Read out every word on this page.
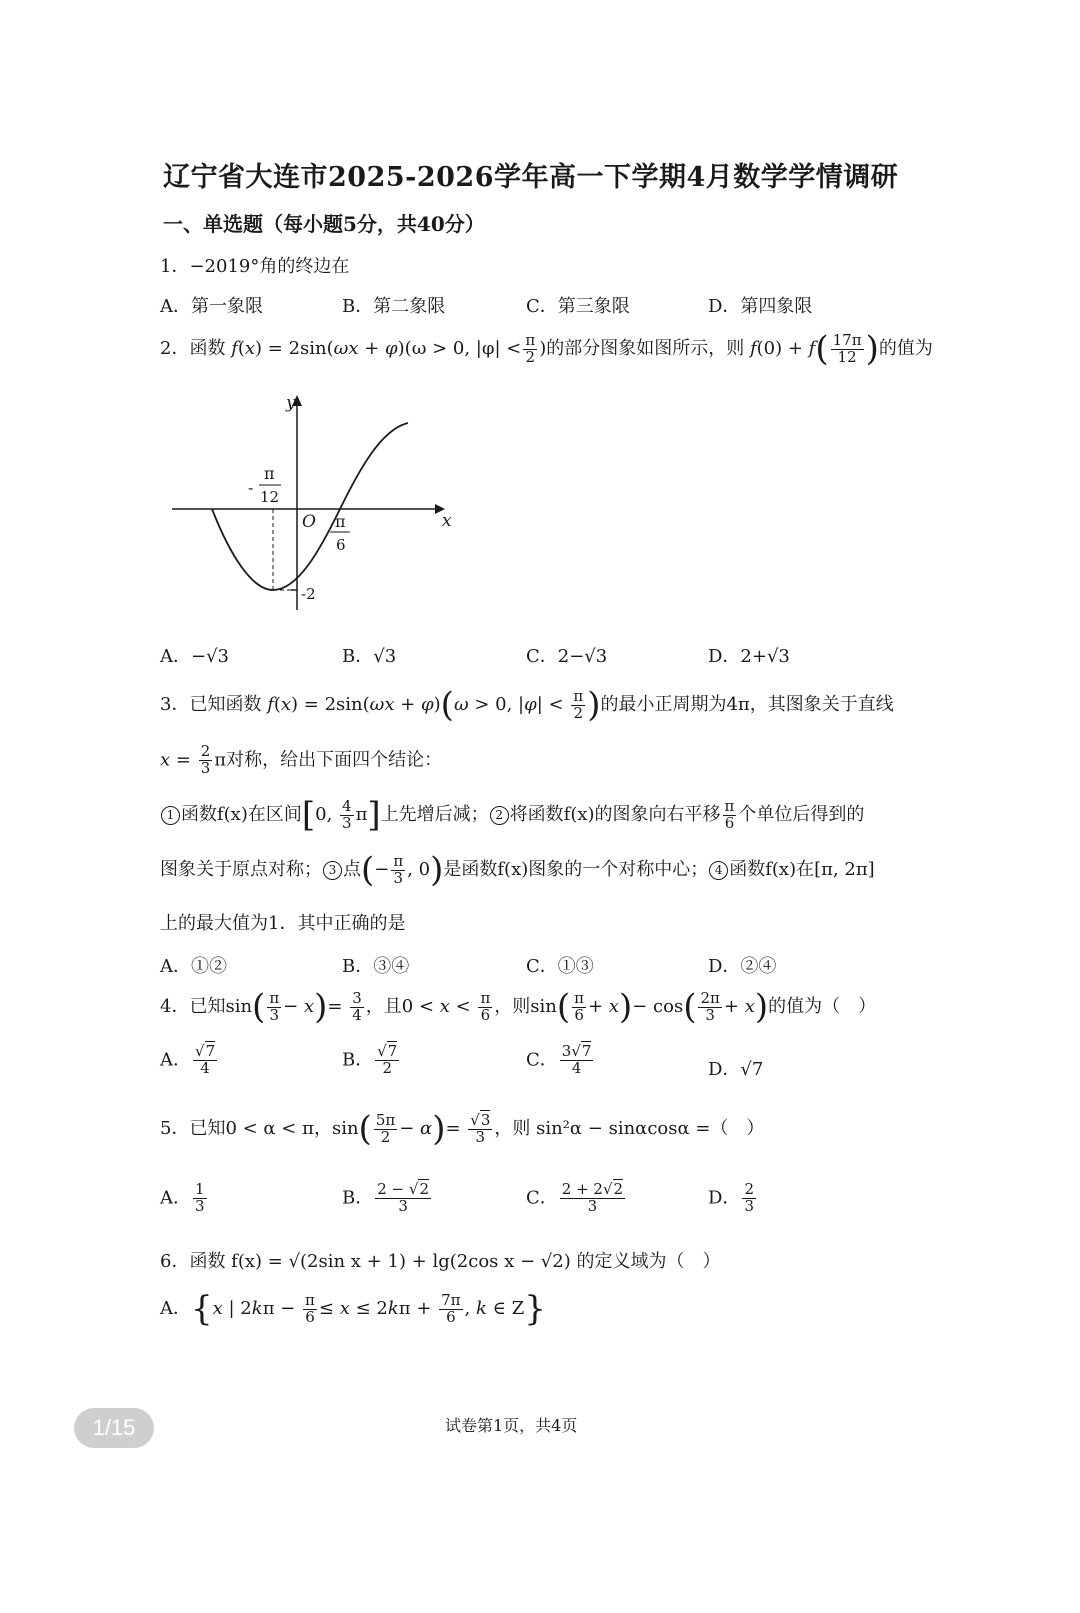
辽宁省大连市2025-2026学年高一下学期4月数学学情调研
一、单选题（每小题5分，共40分）
1．−2019°角的终边在
A．第一象限	B．第二象限	C．第三象限	D．第四象限
2．函数 f(x) = 2sin(ωx + φ)(ω > 0, $|\varphi| < \frac{\pi}{2}$ )的部分图象如图所示，则 $f(0) + f( \frac{17\pi}{12}$ )的值为
y
x
O
-
π
12
π
6
-2
A．−√3	B．√3	C．2−√3	D．2+√3
3．已知函数 f(x) = 2sin(ωx + φ)(ω > 0, $|\varphi| < \frac{\pi}{2}$ )的最小正周期为4π，其图象关于直线
$x = \frac{2}{3}$ π对称，给出下面四个结论：
1 函数f(x)在区间[0, $\frac{4}{3} \pi$]上先增后减； 2 将函数f(x)的图象向右平移 $\frac{\pi}{6}$ 个单位后得到的
图象关于原点对称； 3 点(− $\frac{\pi}{3}$ , 0)是函数f(x)图象的一个对称中心； 4 函数f(x)在[π, 2π]
上的最大值为1．其中正确的是
A．①②	B．③④	C．①③	D．②④
4．已知$\sin( \frac{\pi}{3} - x)= \frac{3}{4}$ ，且$0 < x < \frac{\pi}{6}$ ，则$\sin( \frac{\pi}{6} + x)- \cos( \frac{2\pi}{3} + x)$的值为（　）
A． $\frac{√7}{4}$	B． $\frac{√7}{2}$	C． $\frac{3√7}{4}$	D．√7
5．已知0 < α < π，$\sin( \frac{5\pi}{2} - \alpha)= \frac{√3}{3}$ ，则 sin²α − sinαcosα =（　）
A． $\frac{1}{3}$	B． $\frac{2 - √2}{3}$	C． $\frac{2 + 2√2}{3}$	D． $\frac{2}{3}$
6．函数 f(x) = √(2sin x + 1) + lg(2cos x − √2) 的定义域为（　）
A．{x | $2k\pi - \frac{\pi}{6} \le x \le 2k\pi + \frac{7\pi}{6}$ , k ∈ Z}
试卷第1页，共4页
1/15
